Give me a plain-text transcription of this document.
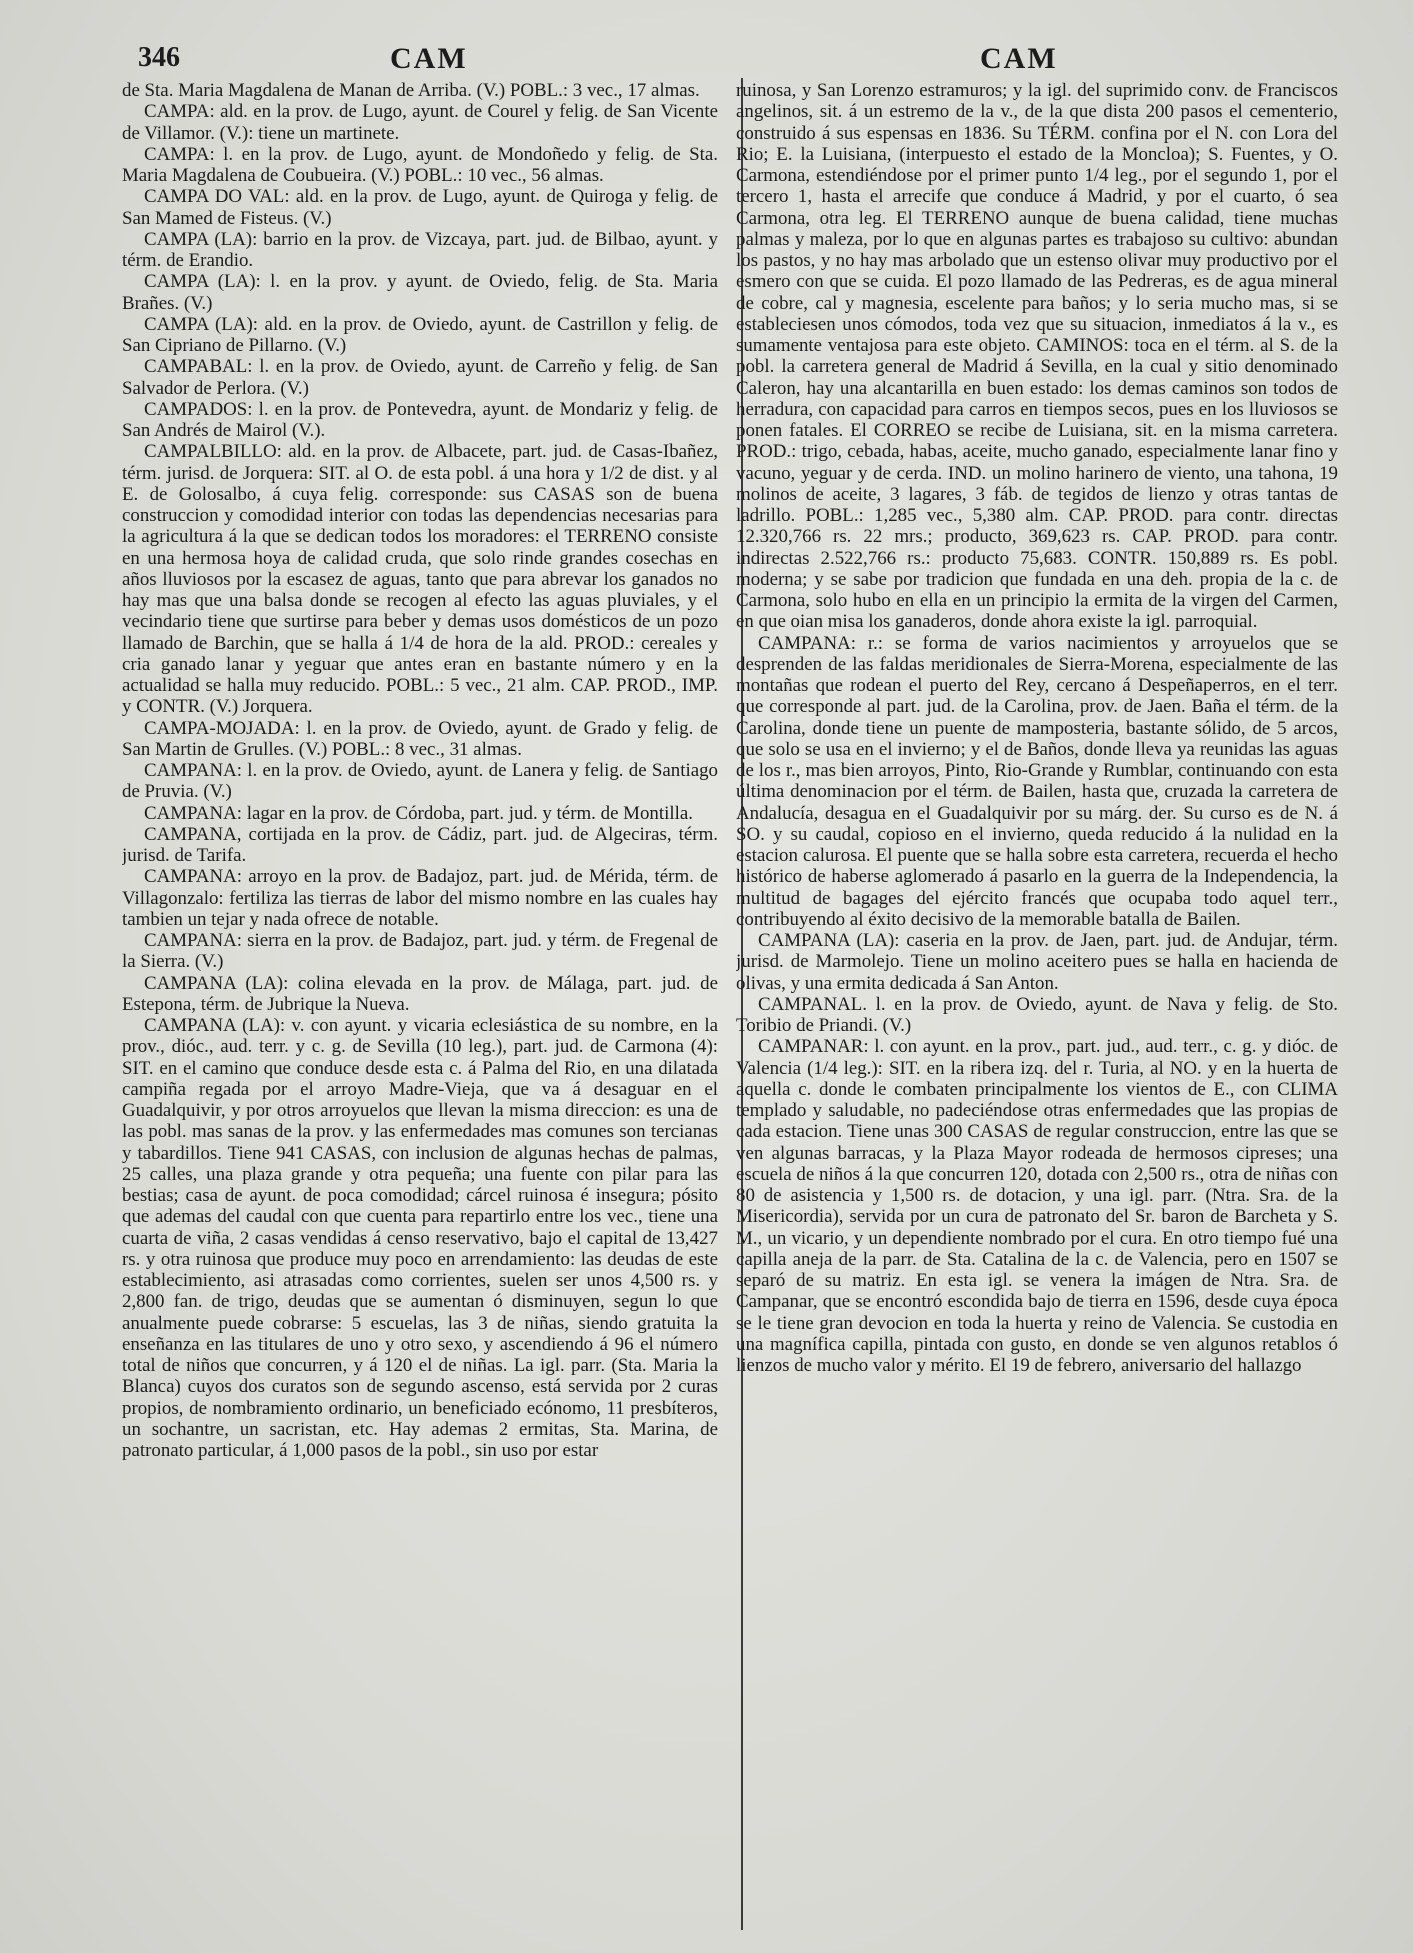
346	CAM	CAM

de Sta. Maria Magdalena de Manan de Arriba. (V.) POBL.: 3 vec., 17 almas.

CAMPA: ald. en la prov. de Lugo, ayunt. de Courel y felig. de San Vicente de Villamor. (V.): tiene un martinete.

CAMPA: l. en la prov. de Lugo, ayunt. de Mondoñedo y felig. de Sta. Maria Magdalena de Coubueira. (V.) POBL.: 10 vec., 56 almas.

CAMPA DO VAL: ald. en la prov. de Lugo, ayunt. de Quiroga y felig. de San Mamed de Fisteus. (V.)

CAMPA (LA): barrio en la prov. de Vizcaya, part. jud. de Bilbao, ayunt. y térm. de Erandio.

CAMPA (LA): l. en la prov. y ayunt. de Oviedo, felig. de Sta. Maria Brañes. (V.)

CAMPA (LA): ald. en la prov. de Oviedo, ayunt. de Castrillon y felig. de San Cipriano de Pillarno. (V.)

CAMPABAL: l. en la prov. de Oviedo, ayunt. de Carreño y felig. de San Salvador de Perlora. (V.)

CAMPADOS: l. en la prov. de Pontevedra, ayunt. de Mondariz y felig. de San Andrés de Mairol (V.).

CAMPALBILLO: ald. en la prov. de Albacete, part. jud. de Casas-Ibañez, térm. jurisd. de Jorquera: SIT. al O. de esta pobl. á una hora y 1/2 de dist. y al E. de Golosalbo, á cuya felig. corresponde: sus CASAS son de buena construccion y comodidad interior con todas las dependencias necesarias para la agricultura á la que se dedican todos los moradores: el TERRENO consiste en una hermosa hoya de calidad cruda, que solo rinde grandes cosechas en años lluviosos por la escasez de aguas, tanto que para abrevar los ganados no hay mas que una balsa donde se recogen al efecto las aguas pluviales, y el vecindario tiene que surtirse para beber y demas usos domésticos de un pozo llamado de Barchin, que se halla á 1/4 de hora de la ald. PROD.: cereales y cria ganado lanar y yeguar que antes eran en bastante número y en la actualidad se halla muy reducido. POBL.: 5 vec., 21 alm. CAP. PROD., IMP. y CONTR. (V.) Jorquera.

CAMPA-MOJADA: l. en la prov. de Oviedo, ayunt. de Grado y felig. de San Martin de Grulles. (V.) POBL.: 8 vec., 31 almas.

CAMPANA: l. en la prov. de Oviedo, ayunt. de Lanera y felig. de Santiago de Pruvia. (V.)

CAMPANA: lagar en la prov. de Córdoba, part. jud. y térm. de Montilla.

CAMPANA, cortijada en la prov. de Cádiz, part. jud. de Algeciras, térm. jurisd. de Tarifa.

CAMPANA: arroyo en la prov. de Badajoz, part. jud. de Mérida, térm. de Villagonzalo: fertiliza las tierras de labor del mismo nombre en las cuales hay tambien un tejar y nada ofrece de notable.

CAMPANA: sierra en la prov. de Badajoz, part. jud. y térm. de Fregenal de la Sierra. (V.)

CAMPANA (LA): colina elevada en la prov. de Málaga, part. jud. de Estepona, térm. de Jubrique la Nueva.

CAMPANA (LA): v. con ayunt. y vicaria eclesiástica de su nombre, en la prov., dióc., aud. terr. y c. g. de Sevilla (10 leg.), part. jud. de Carmona (4): SIT. en el camino que conduce desde esta c. á Palma del Rio, en una dilatada campiña regada por el arroyo Madre-Vieja, que va á desaguar en el Guadalquivir, y por otros arroyuelos que llevan la misma direccion: es una de las pobl. mas sanas de la prov. y las enfermedades mas comunes son tercianas y tabardillos. Tiene 941 CASAS, con inclusion de algunas hechas de palmas, 25 calles, una plaza grande y otra pequeña; una fuente con pilar para las bestias; casa de ayunt. de poca comodidad; cárcel ruinosa é insegura; pósito que ademas del caudal con que cuenta para repartirlo entre los vec., tiene una cuarta de viña, 2 casas vendidas á censo reservativo, bajo el capital de 13,427 rs. y otra ruinosa que produce muy poco en arrendamiento: las deudas de este establecimiento, asi atrasadas como corrientes, suelen ser unos 4,500 rs. y 2,800 fan. de trigo, deudas que se aumentan ó disminuyen, segun lo que anualmente puede cobrarse: 5 escuelas, las 3 de niñas, siendo gratuita la enseñanza en las titulares de uno y otro sexo, y ascendiendo á 96 el número total de niños que concurren, y á 120 el de niñas. La igl. parr. (Sta. Maria la Blanca) cuyos dos curatos son de segundo ascenso, está servida por 2 curas propios, de nombramiento ordinario, un beneficiado ecónomo, 11 presbíteros, un sochantre, un sacristan, etc. Hay ademas 2 ermitas, Sta. Marina, de patronato particular, á 1,000 pasos de la pobl., sin uso por estar

ruinosa, y San Lorenzo estramuros; y la igl. del suprimido conv. de Franciscos angelinos, sit. á un estremo de la v., de la que dista 200 pasos el cementerio, construido á sus espensas en 1836. Su TÉRM. confina por el N. con Lora del Rio; E. la Luisiana, (interpuesto el estado de la Moncloa); S. Fuentes, y O. Carmona, estendiéndose por el primer punto 1/4 leg., por el segundo 1, por el tercero 1, hasta el arrecife que conduce á Madrid, y por el cuarto, ó sea Carmona, otra leg. El TERRENO aunque de buena calidad, tiene muchas palmas y maleza, por lo que en algunas partes es trabajoso su cultivo: abundan los pastos, y no hay mas arbolado que un estenso olivar muy productivo por el esmero con que se cuida. El pozo llamado de las Pedreras, es de agua mineral de cobre, cal y magnesia, escelente para baños; y lo seria mucho mas, si se estableciesen unos cómodos, toda vez que su situacion, inmediatos á la v., es sumamente ventajosa para este objeto. CAMINOS: toca en el térm. al S. de la pobl. la carretera general de Madrid á Sevilla, en la cual y sitio denominado Caleron, hay una alcantarilla en buen estado: los demas caminos son todos de herradura, con capacidad para carros en tiempos secos, pues en los lluviosos se ponen fatales. El CORREO se recibe de Luisiana, sit. en la misma carretera. PROD.: trigo, cebada, habas, aceite, mucho ganado, especialmente lanar fino y vacuno, yeguar y de cerda. IND. un molino harinero de viento, una tahona, 19 molinos de aceite, 3 lagares, 3 fáb. de tegidos de lienzo y otras tantas de ladrillo. POBL.: 1,285 vec., 5,380 alm. CAP. PROD. para contr. directas 12.320,766 rs. 22 mrs.; producto, 369,623 rs. CAP. PROD. para contr. indirectas 2.522,766 rs.: producto 75,683. CONTR. 150,889 rs. Es pobl. moderna; y se sabe por tradicion que fundada en una deh. propia de la c. de Carmona, solo hubo en ella en un principio la ermita de la virgen del Carmen, en que oian misa los ganaderos, donde ahora existe la igl. parroquial.

CAMPANA: r.: se forma de varios nacimientos y arroyuelos que se desprenden de las faldas meridionales de Sierra-Morena, especialmente de las montañas que rodean el puerto del Rey, cercano á Despeñaperros, en el terr. que corresponde al part. jud. de la Carolina, prov. de Jaen. Baña el térm. de la Carolina, donde tiene un puente de mamposteria, bastante sólido, de 5 arcos, que solo se usa en el invierno; y el de Baños, donde lleva ya reunidas las aguas de los r., mas bien arroyos, Pinto, Rio-Grande y Rumblar, continuando con esta última denominacion por el térm. de Bailen, hasta que, cruzada la carretera de Andalucía, desagua en el Guadalquivir por su márg. der. Su curso es de N. á SO. y su caudal, copioso en el invierno, queda reducido á la nulidad en la estacion calurosa. El puente que se halla sobre esta carretera, recuerda el hecho histórico de haberse aglomerado á pasarlo en la guerra de la Independencia, la multitud de bagages del ejército francés que ocupaba todo aquel terr., contribuyendo al éxito decisivo de la memorable batalla de Bailen.

CAMPANA (LA): caseria en la prov. de Jaen, part. jud. de Andujar, térm. jurisd. de Marmolejo. Tiene un molino aceitero pues se halla en hacienda de olivas, y una ermita dedicada á San Anton.

CAMPANAL. l. en la prov. de Oviedo, ayunt. de Nava y felig. de Sto. Toribio de Priandi. (V.)

CAMPANAR: l. con ayunt. en la prov., part. jud., aud. terr., c. g. y dióc. de Valencia (1/4 leg.): SIT. en la ribera izq. del r. Turia, al NO. y en la huerta de aquella c. donde le combaten principalmente los vientos de E., con CLIMA templado y saludable, no padeciéndose otras enfermedades que las propias de cada estacion. Tiene unas 300 CASAS de regular construccion, entre las que se ven algunas barracas, y la Plaza Mayor rodeada de hermosos cipreses; una escuela de niños á la que concurren 120, dotada con 2,500 rs., otra de niñas con 80 de asistencia y 1,500 rs. de dotacion, y una igl. parr. (Ntra. Sra. de la Misericordia), servida por un cura de patronato del Sr. baron de Barcheta y S. M., un vicario, y un dependiente nombrado por el cura. En otro tiempo fué una capilla aneja de la parr. de Sta. Catalina de la c. de Valencia, pero en 1507 se separó de su matriz. En esta igl. se venera la imágen de Ntra. Sra. de Campanar, que se encontró escondida bajo de tierra en 1596, desde cuya época se le tiene gran devocion en toda la huerta y reino de Valencia. Se custodia en una magnífica capilla, pintada con gusto, en donde se ven algunos retablos ó lienzos de mucho valor y mérito. El 19 de febrero, aniversario del hallazgo
